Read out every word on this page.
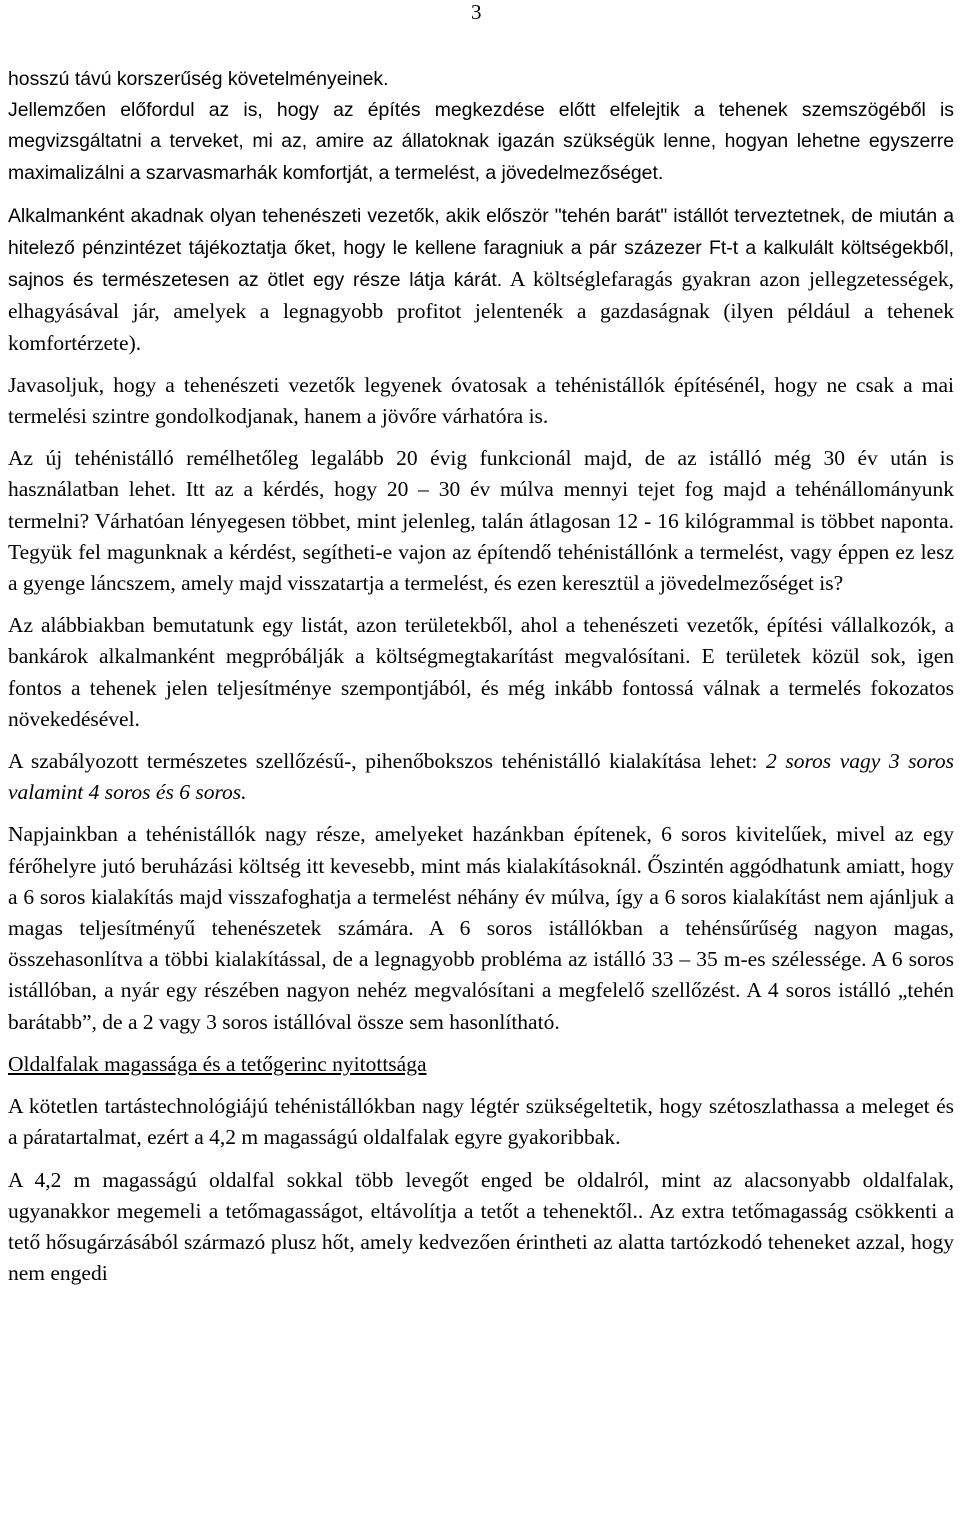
3

hosszú távú korszerűség követelményeinek.

Jellemzően előfordul az is, hogy az építés megkezdése előtt elfelejtik a tehenek szemszögéből is megvizsgáltatni a terveket, mi az, amire az állatoknak igazán szükségük lenne, hogyan lehetne egyszerre maximalizálni a szarvasmarhák komfortját, a termelést, a jövedelmezőséget.

Alkalmanként akadnak olyan tehenészeti vezetők, akik először "tehén barát" istállót terveztetnek, de miután a hitelező pénzintézet tájékoztatja őket, hogy le kellene faragniuk a pár százezer Ft-t a kalkulált költségekből, sajnos és természetesen az ötlet egy része látja kárát. A költséglefaragás gyakran azon jellegzetességek, elhagyásával jár, amelyek a legnagyobb profitot jelentenék a gazdaságnak (ilyen például a tehenek komfortérzete).

Javasoljuk, hogy a tehenészeti vezetők legyenek óvatosak a tehénistállók építésénél, hogy ne csak a mai termelési szintre gondolkodjanak, hanem a jövőre várhatóra is.

Az új tehénistálló remélhetőleg legalább 20 évig funkcionál majd, de az istálló még 30 év után is használatban lehet. Itt az a kérdés, hogy 20 – 30 év múlva mennyi tejet fog majd a tehénállományunk termelni? Várhatóan lényegesen többet, mint jelenleg, talán átlagosan 12 - 16 kilógrammal is többet naponta. Tegyük fel magunknak a kérdést, segítheti-e vajon az építendő tehénistállónk a termelést, vagy éppen ez lesz a gyenge láncszem, amely majd visszatartja a termelést, és ezen keresztül a jövedelmezőséget is?

Az alábbiakban bemutatunk egy listát, azon területekből, ahol a tehenészeti vezetők, építési vállalkozók, a bankárok alkalmanként megpróbálják a költségmegtakarítást megvalósítani. E területek közül sok, igen fontos a tehenek jelen teljesítménye szempontjából, és még inkább fontossá válnak a termelés fokozatos növekedésével.

A szabályozott természetes szellőzésű-, pihenőbokszos tehénistálló kialakítása lehet: 2 soros vagy 3 soros valamint 4 soros és 6 soros.

Napjainkban a tehénistállók nagy része, amelyeket hazánkban építenek, 6 soros kivitelűek, mivel az egy férőhelyre jutó beruházási költség itt kevesebb, mint más kialakításoknál. Őszintén aggódhatunk amiatt, hogy a 6 soros kialakítás majd visszafoghatja a termelést néhány év múlva, így a 6 soros kialakítást nem ajánljuk a magas teljesítményű tehenészetek számára. A 6 soros istállókban a tehénsűrűség nagyon magas, összehasonlítva a többi kialakítással, de a legnagyobb probléma az istálló 33 – 35 m-es szélessége. A 6 soros istállóban, a nyár egy részében nagyon nehéz megvalósítani a megfelelő szellőzést. A 4 soros istálló „tehén barátabb”, de a 2 vagy 3 soros istállóval össze sem hasonlítható.

Oldalfalak magassága és a tetőgerinc nyitottsága

A kötetlen tartástechnológiájú tehénistállókban nagy légtér szükségeltetik, hogy szétoszlathassa a meleget és a páratartalmat, ezért a 4,2 m magasságú oldalfalak egyre gyakoribbak.

A 4,2 m magasságú oldalfal sokkal több levegőt enged be oldalról, mint az alacsonyabb oldalfalak, ugyanakkor megemeli a tetőmagasságot, eltávolítja a tetőt a tehenektől.. Az extra tetőmagasság csökkenti a tető hősugárzásából származó plusz hőt, amely kedvezően érintheti az alatta tartózkodó teheneket azzal, hogy nem engedi
